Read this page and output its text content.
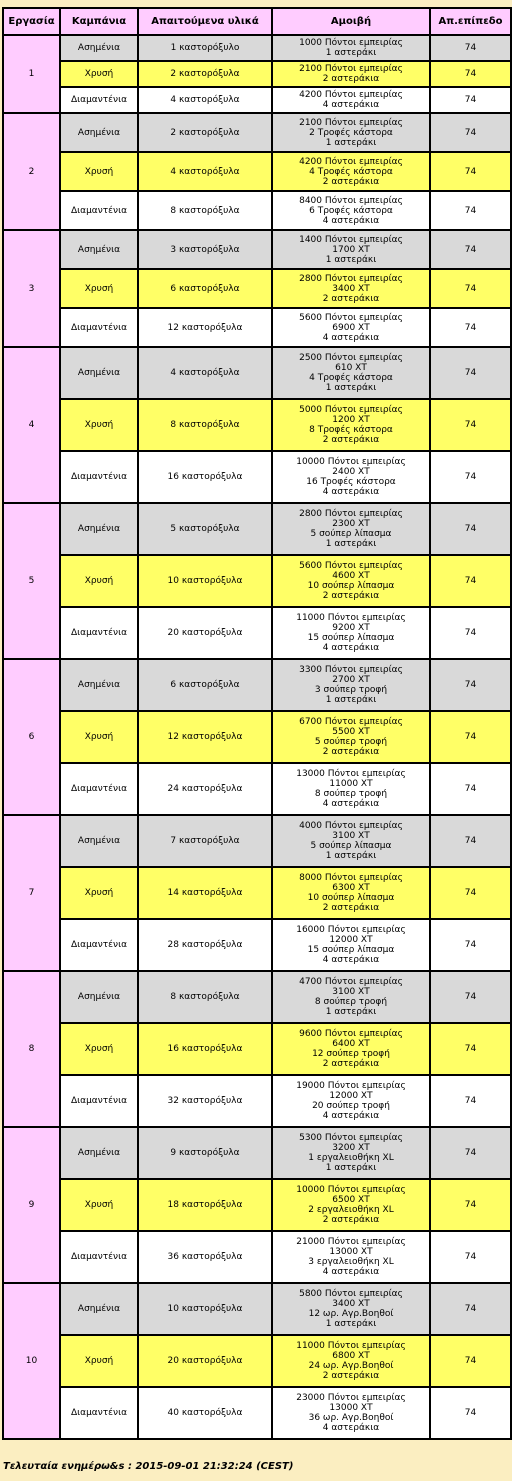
Εργασία	Καμπάνια	Απαιτούμενα υλικά	Αμοιβή	Απ.επίπεδο
1	Ασημένια	1 καστορόξυλο	1000 Πόντοι εμπειρίας
1 αστεράκι	74
	Χρυσή	2 καστορόξυλα	2100 Πόντοι εμπειρίας
2 αστεράκια	74
	Διαμαντένια	4 καστορόξυλα	4200 Πόντοι εμπειρίας
4 αστεράκια	74
2	Ασημένια	2 καστορόξυλα	2100 Πόντοι εμπειρίας
2 Τροφές κάστορα
1 αστεράκι	74
	Χρυσή	4 καστορόξυλα	4200 Πόντοι εμπειρίας
4 Τροφές κάστορα
2 αστεράκια	74
	Διαμαντένια	8 καστορόξυλα	8400 Πόντοι εμπειρίας
6 Τροφές κάστορα
4 αστεράκια	74
3	Ασημένια	3 καστορόξυλα	1400 Πόντοι εμπειρίας
1700 ΧΤ
1 αστεράκι	74
	Χρυσή	6 καστορόξυλα	2800 Πόντοι εμπειρίας
3400 ΧΤ
2 αστεράκια	74
	Διαμαντένια	12 καστορόξυλα	5600 Πόντοι εμπειρίας
6900 ΧΤ
4 αστεράκια	74
4	Ασημένια	4 καστορόξυλα	2500 Πόντοι εμπειρίας
610 ΧΤ
4 Τροφές κάστορα
1 αστεράκι	74
	Χρυσή	8 καστορόξυλα	5000 Πόντοι εμπειρίας
1200 ΧΤ
8 Τροφές κάστορα
2 αστεράκια	74
	Διαμαντένια	16 καστορόξυλα	10000 Πόντοι εμπειρίας
2400 ΧΤ
16 Τροφές κάστορα
4 αστεράκια	74
5	Ασημένια	5 καστορόξυλα	2800 Πόντοι εμπειρίας
2300 ΧΤ
5 σούπερ λίπασμα
1 αστεράκι	74
	Χρυσή	10 καστορόξυλα	5600 Πόντοι εμπειρίας
4600 ΧΤ
10 σούπερ λίπασμα
2 αστεράκια	74
	Διαμαντένια	20 καστορόξυλα	11000 Πόντοι εμπειρίας
9200 ΧΤ
15 σούπερ λίπασμα
4 αστεράκια	74
6	Ασημένια	6 καστορόξυλα	3300 Πόντοι εμπειρίας
2700 ΧΤ
3 σούπερ τροφή
1 αστεράκι	74
	Χρυσή	12 καστορόξυλα	6700 Πόντοι εμπειρίας
5500 ΧΤ
5 σούπερ τροφή
2 αστεράκια	74
	Διαμαντένια	24 καστορόξυλα	13000 Πόντοι εμπειρίας
11000 ΧΤ
8 σούπερ τροφή
4 αστεράκια	74
7	Ασημένια	7 καστορόξυλα	4000 Πόντοι εμπειρίας
3100 ΧΤ
5 σούπερ λίπασμα
1 αστεράκι	74
	Χρυσή	14 καστορόξυλα	8000 Πόντοι εμπειρίας
6300 ΧΤ
10 σούπερ λίπασμα
2 αστεράκια	74
	Διαμαντένια	28 καστορόξυλα	16000 Πόντοι εμπειρίας
12000 ΧΤ
15 σούπερ λίπασμα
4 αστεράκια	74
8	Ασημένια	8 καστορόξυλα	4700 Πόντοι εμπειρίας
3100 ΧΤ
8 σούπερ τροφή
1 αστεράκι	74
	Χρυσή	16 καστορόξυλα	9600 Πόντοι εμπειρίας
6400 ΧΤ
12 σούπερ τροφή
2 αστεράκια	74
	Διαμαντένια	32 καστορόξυλα	19000 Πόντοι εμπειρίας
12000 ΧΤ
20 σούπερ τροφή
4 αστεράκια	74
9	Ασημένια	9 καστορόξυλα	5300 Πόντοι εμπειρίας
3200 ΧΤ
1 εργαλειοθήκη XL
1 αστεράκι	74
	Χρυσή	18 καστορόξυλα	10000 Πόντοι εμπειρίας
6500 ΧΤ
2 εργαλειοθήκη XL
2 αστεράκια	74
	Διαμαντένια	36 καστορόξυλα	21000 Πόντοι εμπειρίας
13000 ΧΤ
3 εργαλειοθήκη XL
4 αστεράκια	74
10	Ασημένια	10 καστορόξυλα	5800 Πόντοι εμπειρίας
3400 ΧΤ
12 ωρ. Αγρ.Βοηθοί
1 αστεράκι	74
	Χρυσή	20 καστορόξυλα	11000 Πόντοι εμπειρίας
6800 ΧΤ
24 ωρ. Αγρ.Βοηθοί
2 αστεράκια	74
	Διαμαντένια	40 καστορόξυλα	23000 Πόντοι εμπειρίας
13000 ΧΤ
36 ωρ. Αγρ.Βοηθοί
4 αστεράκια	74
Τελευταία ενημέρω&s : 2015-09-01 21:32:24 (CEST)
